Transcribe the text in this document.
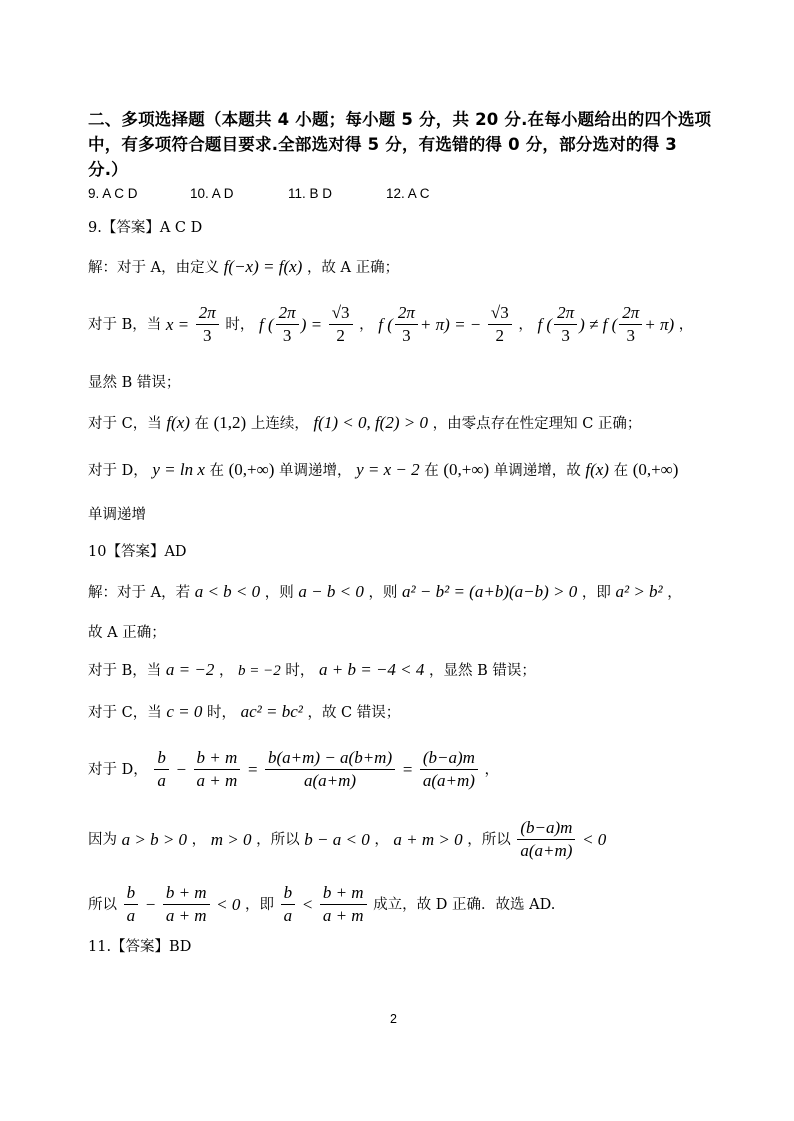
二、多项选择题（本题共 4 小题；每小题 5 分，共 20 分.在每小题给出的四个选项中，有多项符合题目要求.全部选对得 5 分，有选错的得 0 分，部分选对的得 3 分.）
9. A C D	10. A D	11. B D	12. A C
9.【答案】A C D
解：对于 A，由定义 f(−x) = f(x) ，故 A 正确；
对于 B，当 $x = \frac{2\pi}{3}$ 时， f ( $\frac{2\pi}{3}$ ) = $\frac{√3}{2}$ ， f ( $\frac{2\pi}{3} + \pi$) = − $\frac{√3}{2}$ ， f ( $\frac{2\pi}{3}$ ) ≠ f ( $\frac{2\pi}{3} + \pi$) ，
显然 B 错误；
对于 C，当 f(x) 在 (1,2) 上连续， f(1) < 0, f(2) > 0 ，由零点存在性定理知 C 正确；
对于 D， y = ln x 在 (0,+∞) 单调递增， y = x − 2 在 (0,+∞) 单调递增，故 f(x) 在 (0,+∞)
单调递增
10【答案】AD
解：对于 A，若 a < b < 0 ，则 a − b < 0 ，则 a² − b² = (a+b)(a−b) > 0 ，即 a² > b² ，
故 A 正确；
对于 B，当 a = −2 ， b = −2 时， a + b = −4 < 4 ，显然 B 错误；
对于 C，当 c = 0 时， ac² = bc² ，故 C 错误；
对于 D， $\frac{b}{a} - \frac{b + m}{a + m} = \frac{b(a+m) - a(b+m)}{a(a+m)} = \frac{(b-a)m}{a(a+m)}$ ，
因为 a > b > 0 ， m > 0 ，所以 b − a < 0 ， a + m > 0 ，所以 $\frac{(b-a)m}{a(a+m)} < 0$
所以 $\frac{b}{a} - \frac{b + m}{a + m} < 0$ ，即 $\frac{b}{a} < \frac{b + m}{a + m}$ 成立，故 D 正确．故选 AD.
11.【答案】BD
2
